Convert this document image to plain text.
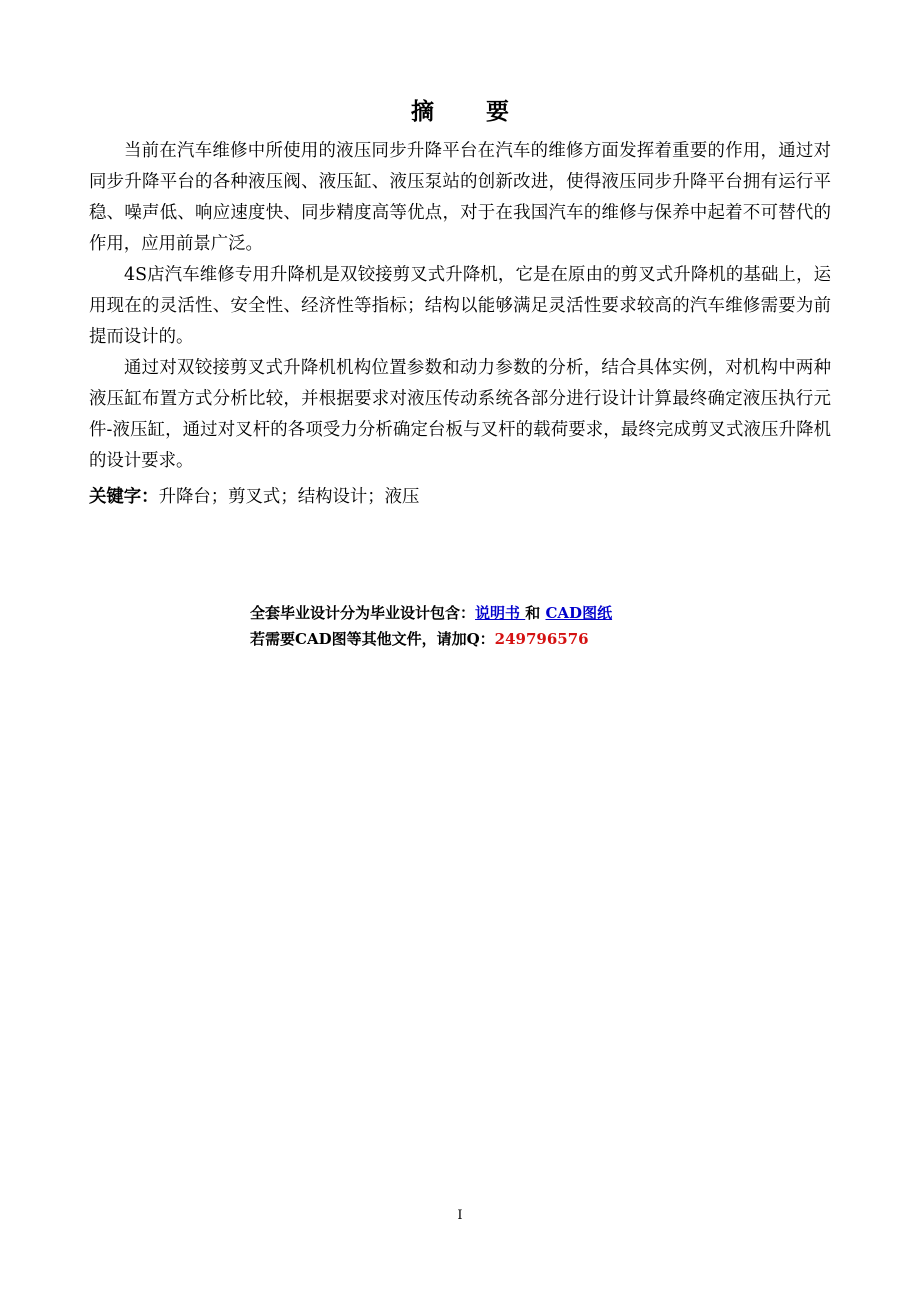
摘 要

当前在汽车维修中所使用的液压同步升降平台在汽车的维修方面发挥着重要的作用，通过对同步升降平台的各种液压阀、液压缸、液压泵站的创新改进，使得液压同步升降平台拥有运行平稳、噪声低、响应速度快、同步精度高等优点，对于在我国汽车的维修与保养中起着不可替代的作用，应用前景广泛。

4S店汽车维修专用升降机是双铰接剪叉式升降机，它是在原由的剪叉式升降机的基础上，运用现在的灵活性、安全性、经济性等指标；结构以能够满足灵活性要求较高的汽车维修需要为前提而设计的。

通过对双铰接剪叉式升降机机构位置参数和动力参数的分析，结合具体实例，对机构中两种液压缸布置方式分析比较，并根据要求对液压传动系统各部分进行设计计算最终确定液压执行元件-液压缸，通过对叉杆的各项受力分析确定台板与叉杆的载荷要求，最终完成剪叉式液压升降机的设计要求。

关键字：升降台；剪叉式；结构设计；液压
全套毕业设计分为毕业设计包含：说明书 和 CAD图纸
若需要CAD图等其他文件，请加Q：249796576
I
